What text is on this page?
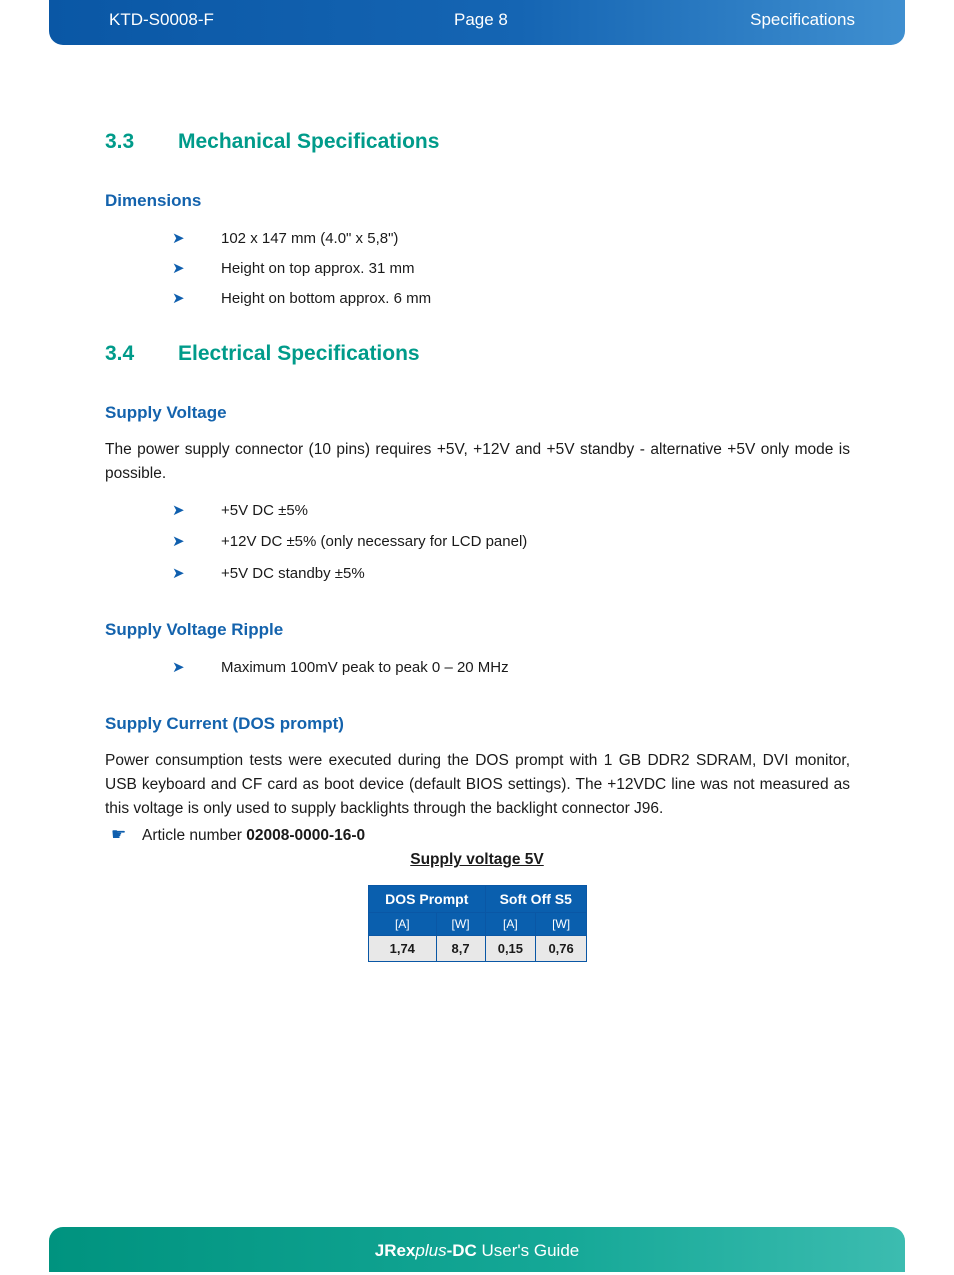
KTD-S0008-F	Page 8	Specifications
3.3 Mechanical Specifications
Dimensions
➤ 102 x 147 mm (4.0" x 5,8")
➤ Height on top approx. 31 mm
➤ Height on bottom approx. 6 mm
3.4 Electrical Specifications
Supply Voltage
The power supply connector (10 pins) requires +5V, +12V and +5V standby - alternative +5V only mode is possible.
➤ +5V DC ±5%
➤ +12V DC ±5% (only necessary for LCD panel)
➤ +5V DC standby ±5%
Supply Voltage Ripple
➤ Maximum 100mV peak to peak 0 – 20 MHz
Supply Current (DOS prompt)
Power consumption tests were executed during the DOS prompt with 1 GB DDR2 SDRAM, DVI monitor, USB keyboard and CF card as boot device (default BIOS settings). The +12VDC line was not measured as this voltage is only used to supply backlights through the backlight connector J96.
☛ Article number 02008-0000-16-0
Supply voltage 5V
DOS Prompt		Soft Off S5	
[A]	[W]	[A]	[W]
1,74	8,7	0,15	0,76
JRexplus-DC User's Guide
